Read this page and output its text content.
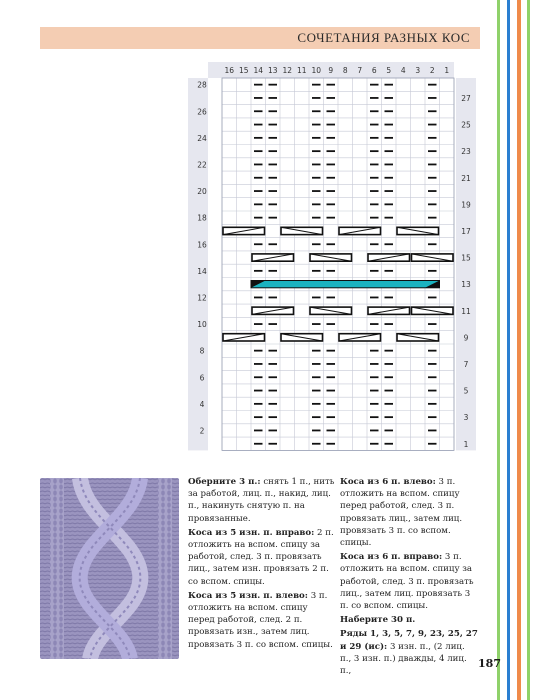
СОЧЕТАНИЯ РАЗНЫХ КОС
16 15 14 13 12 11 10 9 8 7 6 5 4 3 2 1
28
26
24
22
20
18
16
14
12
10
8
6
4
2
27
25
23
21
19
17
15
13
11
9
7
5
3
1

Оберните 3 п.: снять 1 п., нить за работой, лиц. п., накид, лиц. п., накинуть снятую п. на провязанные.

Коса из 5 изн. п. вправо: 2 п. отложить на вспом. спицу за работой, след. 3 п. провязать лиц., затем изн. провязать 2 п. со вспом. спицы.

Коса из 5 изн. п. влево: 3 п. отложить на вспом. спицу перед работой, след. 2 п. провязать изн., затем лиц. провязать 3 п. со вспом. спицы.

Коса из 6 п. влево: 3 п. отложить на вспом. спицу перед работой, след. 3 п. провязать лиц., затем лиц. провязать 3 п. со вспом. спицы.

Коса из 6 п. вправо: 3 п. отложить на вспом. спицу за работой, след. 3 п. провязать лиц., затем лиц. провязать 3 п. со вспом. спицы.

Наберите 30 п.

Ряды 1, 3, 5, 7, 9, 23, 25, 27 и 29 (ис): 3 изн. п., (2 лиц. п., 3 изн. п.) дважды, 4 лиц. п.,

187
